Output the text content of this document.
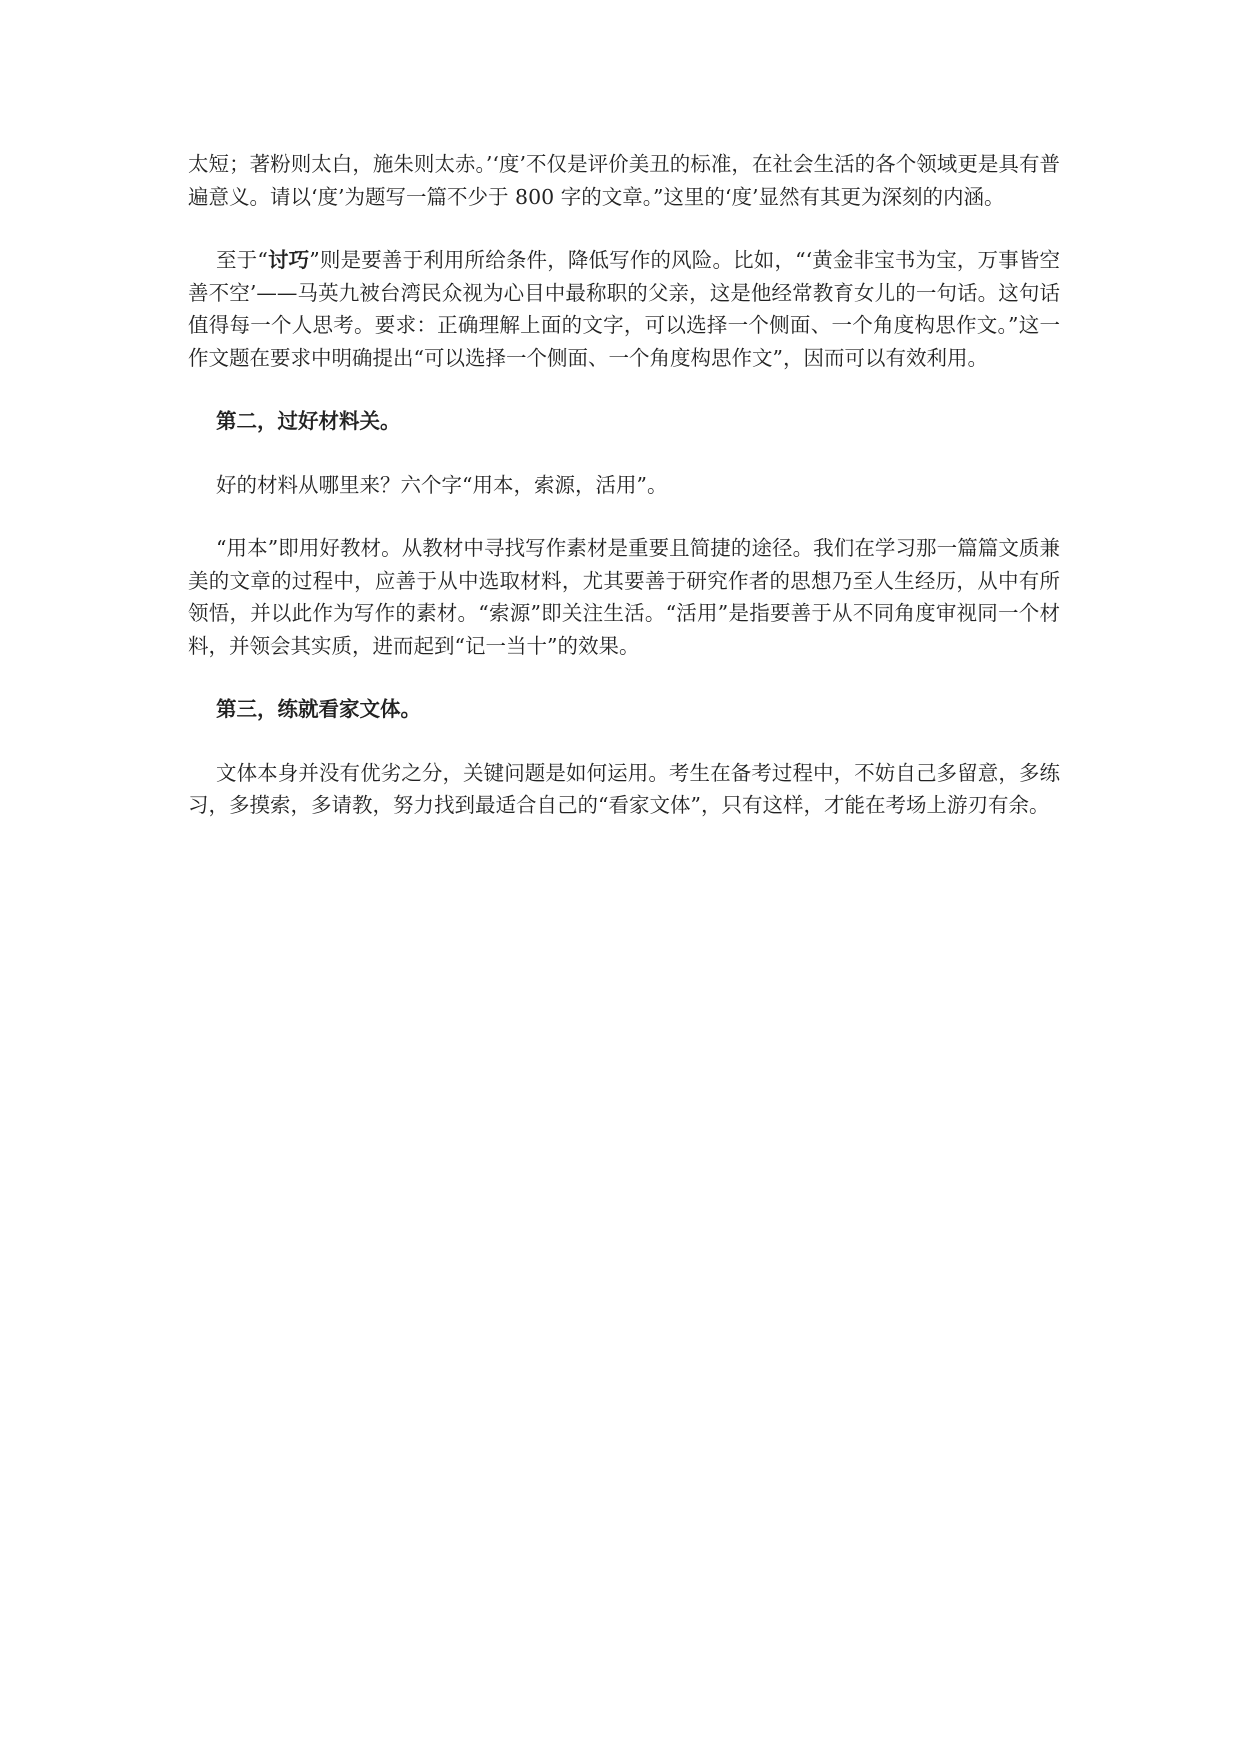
太短；著粉则太白，施朱则太赤。’‘度’不仅是评价美丑的标准，在社会生活的各个领域更是具有普遍意义。请以‘度’为题写一篇不少于 800 字的文章。”这里的‘度’显然有其更为深刻的内涵。

至于“讨巧”则是要善于利用所给条件，降低写作的风险。比如，“‘黄金非宝书为宝，万事皆空善不空’——马英九被台湾民众视为心目中最称职的父亲，这是他经常教育女儿的一句话。这句话值得每一个人思考。要求：正确理解上面的文字，可以选择一个侧面、一个角度构思作文。”这一作文题在要求中明确提出“可以选择一个侧面、一个角度构思作文”，因而可以有效利用。

第二，过好材料关。

好的材料从哪里来？六个字“用本，索源，活用”。

“用本”即用好教材。从教材中寻找写作素材是重要且简捷的途径。我们在学习那一篇篇文质兼美的文章的过程中，应善于从中选取材料，尤其要善于研究作者的思想乃至人生经历，从中有所领悟，并以此作为写作的素材。“索源”即关注生活。“活用”是指要善于从不同角度审视同一个材料，并领会其实质，进而起到“记一当十”的效果。

第三，练就看家文体。

文体本身并没有优劣之分，关键问题是如何运用。考生在备考过程中，不妨自己多留意，多练习，多摸索，多请教，努力找到最适合自己的“看家文体”，只有这样，才能在考场上游刃有余。
